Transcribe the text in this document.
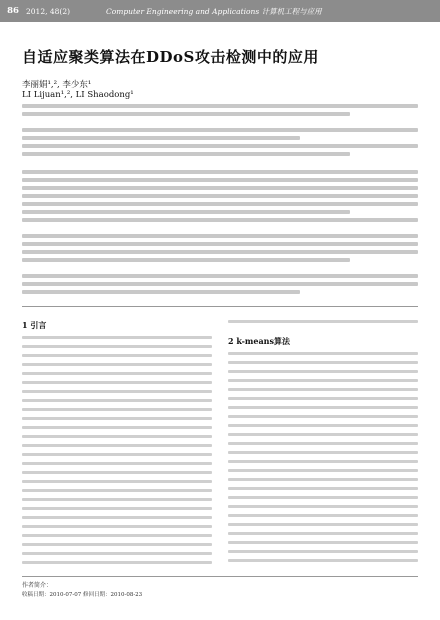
86 2012, 48(2)	Computer Engineering and Applications 计算机工程与应用
自适应聚类算法在DDoS攻击检测中的应用
李丽娟¹,², 李少东¹
LI Lijuan¹,², LI Shaodong¹
1 引言
2 k-means算法
作者简介：
收稿日期：2010-07-07 修回日期：2010-08-23
